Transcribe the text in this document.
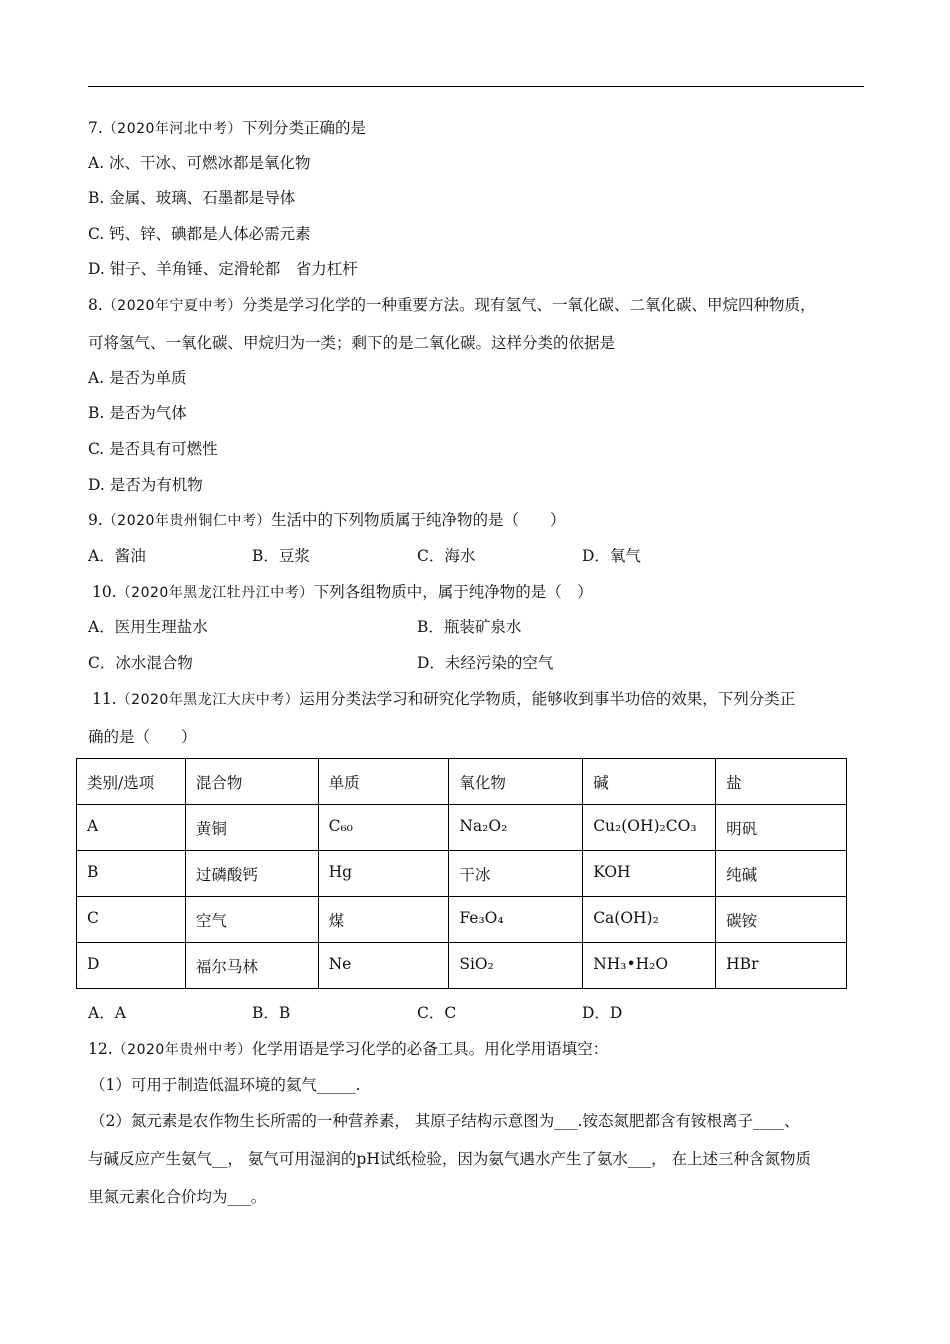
7.（2020年河北中考）下列分类正确的是
A. 冰、干冰、可燃冰都是氧化物
B. 金属、玻璃、石墨都是导体
C. 钙、锌、碘都是人体必需元素
D. 钳子、羊角锤、定滑轮都　省力杠杆
8.（2020年宁夏中考）分类是学习化学的一种重要方法。现有氢气、一氧化碳、二氧化碳、甲烷四种物质，
可将氢气、一氧化碳、甲烷归为一类；剩下的是二氧化碳。这样分类的依据是
A. 是否为单质
B. 是否为气体
C. 是否具有可燃性
D. 是否为有机物
9.（2020年贵州铜仁中考）生活中的下列物质属于纯净物的是（　　）
A．酱油	B．豆浆	C．海水	D．氧气
10.（2020年黑龙江牡丹江中考）下列各组物质中，属于纯净物的是（　）
A．医用生理盐水	B．瓶装矿泉水
C．冰水混合物	D．未经污染的空气
11.（2020年黑龙江大庆中考）运用分类法学习和研究化学物质，能够收到事半功倍的效果，下列分类正
确的是（　　）
类别/选项	混合物	单质	氧化物	碱	盐
A	黄铜	C₆₀	Na₂O₂	Cu₂(OH)₂CO₃	明矾
B	过磷酸钙	Hg	干冰	KOH	纯碱
C	空气	煤	Fe₃O₄	Ca(OH)₂	碳铵
D	福尔马林	Ne	SiO₂	NH₃•H₂O	HBr
A．A	B．B	C．C	D．D
12.（2020年贵州中考）化学用语是学习化学的必备工具。用化学用语填空：
（1）可用于制造低温环境的氦气_____.
（2）氮元素是农作物生长所需的一种营养素， 其原子结构示意图为___.铵态氮肥都含有铵根离子____、
与碱反应产生氨气__， 氨气可用湿润的pH试纸检验，因为氨气遇水产生了氨水___， 在上述三种含氮物质
里氮元素化合价均为___。
